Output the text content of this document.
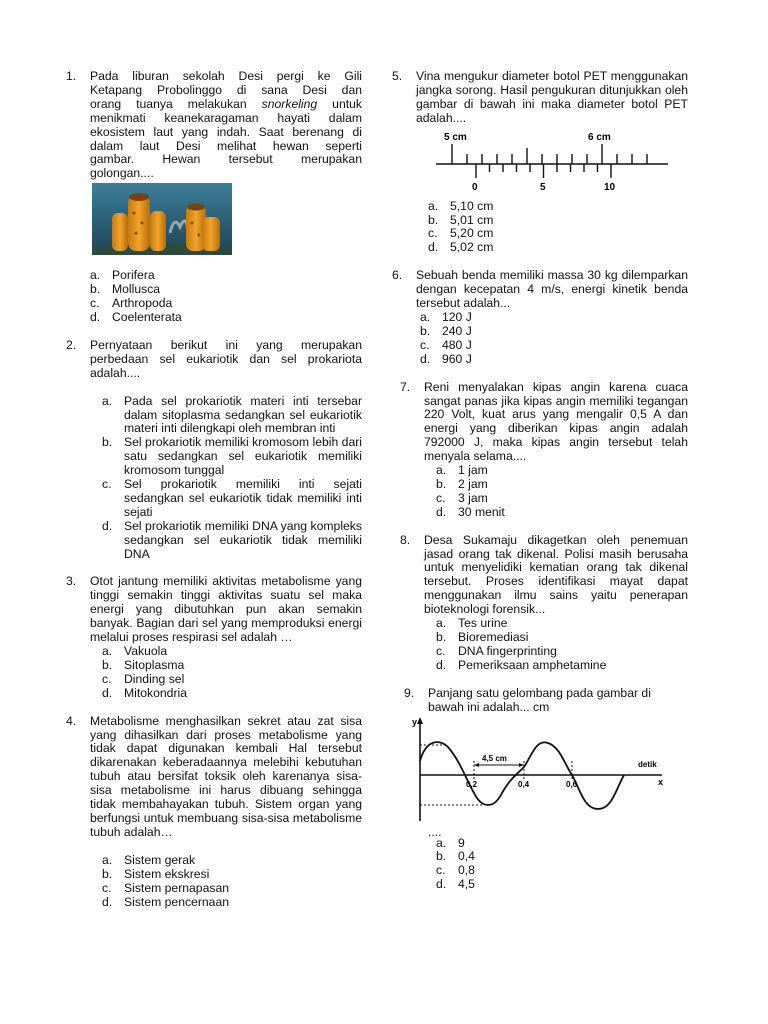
1. Pada liburan sekolah Desi pergi ke Gili
Ketapang Probolinggo di sana Desi dan
orang tuanya melakukan snorkeling untuk
menikmati keanekaragaman hayati dalam
ekosistem laut yang indah. Saat berenang di
dalam laut Desi melihat hewan seperti
gambar. Hewan tersebut merupakan
golongan....
a. Porifera
b. Mollusca
c. Arthropoda
d. Coelenterata
2. Pernyataan berikut ini yang merupakan perbedaan sel eukariotik dan sel prokariota adalah....
a. Pada sel prokariotik materi inti tersebar dalam sitoplasma sedangkan sel eukariotik materi inti dilengkapi oleh membran inti
b. Sel prokariotik memiliki kromosom lebih dari satu sedangkan sel eukariotik memiliki kromosom tunggal
c. Sel prokariotik memiliki inti sejati sedangkan sel eukariotik tidak memiliki inti sejati
d. Sel prokariotik memiliki DNA yang kompleks sedangkan sel eukariotik tidak memiliki DNA
3. Otot jantung memiliki aktivitas metabolisme yang tinggi semakin tinggi aktivitas suatu sel maka energi yang dibutuhkan pun akan semakin banyak. Bagian dari sel yang memproduksi energi melalui proses respirasi sel adalah …
a. Vakuola
b. Sitoplasma
c. Dinding sel
d. Mitokondria
4. Metabolisme menghasilkan sekret atau zat sisa yang dihasilkan dari proses metabolisme yang tidak dapat digunakan kembali Hal tersebut dikarenakan keberadaannya melebihi kebutuhan tubuh atau bersifat toksik oleh karenanya sisa-sisa metabolisme ini harus dibuang sehingga tidak membahayakan tubuh. Sistem organ yang berfungsi untuk membuang sisa-sisa metabolisme tubuh adalah…
a. Sistem gerak
b. Sistem ekskresi
c. Sistem pernapasan
d. Sistem pencernaan
5. Vina mengukur diameter botol PET menggunakan jangka sorong. Hasil pengukuran ditunjukkan oleh gambar di bawah ini maka diameter botol PET adalah....
5 cm	6 cm
0	5	10
a. 5,10 cm
b. 5,01 cm
c. 5,20 cm
d. 5,02 cm
6. Sebuah benda memiliki massa 30 kg dilemparkan dengan kecepatan 4 m/s, energi kinetik benda tersebut adalah...
a. 120 J
b. 240 J
c. 480 J
d. 960 J
7. Reni menyalakan kipas angin karena cuaca sangat panas jika kipas angin memiliki tegangan 220 Volt, kuat arus yang mengalir 0,5 A dan energi yang diberikan kipas angin adalah 792000 J, maka kipas angin tersebut telah menyala selama....
a. 1 jam
b. 2 jam
c. 3 jam
d. 30 menit
8. Desa Sukamaju dikagetkan oleh penemuan jasad orang tak dikenal. Polisi masih berusaha untuk menyelidiki kematian orang tak dikenal tersebut. Proses identifikasi mayat dapat menggunakan ilmu sains yaitu penerapan bioteknologi forensik...
a. Tes urine
b. Bioremediasi
c. DNA fingerprinting
d. Pemeriksaan amphetamine
9. Panjang satu gelombang pada gambar di bawah ini adalah... cm
y
x
detik
4,5 cm
0,2	0,4	0,6
....
a. 9
b. 0,4
c. 0,8
d. 4,5
